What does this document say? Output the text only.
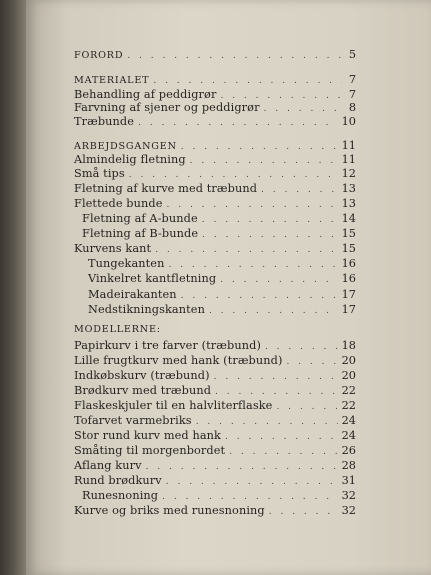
FORORD . . .	5
MATERIALET . . .	7
Behandling af peddigrør . . .	7
Farvning af sjener og peddigrør . . .	8
Træbunde . . .	10
ARBEJDSGANGEN . . .	11
Almindelig fletning . . .	11
Små tips . . .	12
Fletning af kurve med træbund . . .	13
Flettede bunde . . .	13
Fletning af A-bunde . . .	14
Fletning af B-bunde . . .	15
Kurvens kant . . .	15
Tungekanten . . .	16
Vinkelret kantfletning . . .	16
Madeirakanten . . .	17
Nedstikningskanten . . .	17
MODELLERNE:
Papirkurv i tre farver (træbund) . . .	18
Lille frugtkurv med hank (træbund) . . .	20
Indkøbskurv (træbund) . . .	20
Brødkurv med træbund . . .	22
Flaskeskjuler til en halvliterflaske . . .	22
Tofarvet varmebriks . . .	24
Stor rund kurv med hank . . .	24
Småting til morgenbordet . . .	26
Aflang kurv . . .	28
Rund brødkurv . . .	31
Runesnoning . . .	32
Kurve og briks med runesnoning . . .	32
